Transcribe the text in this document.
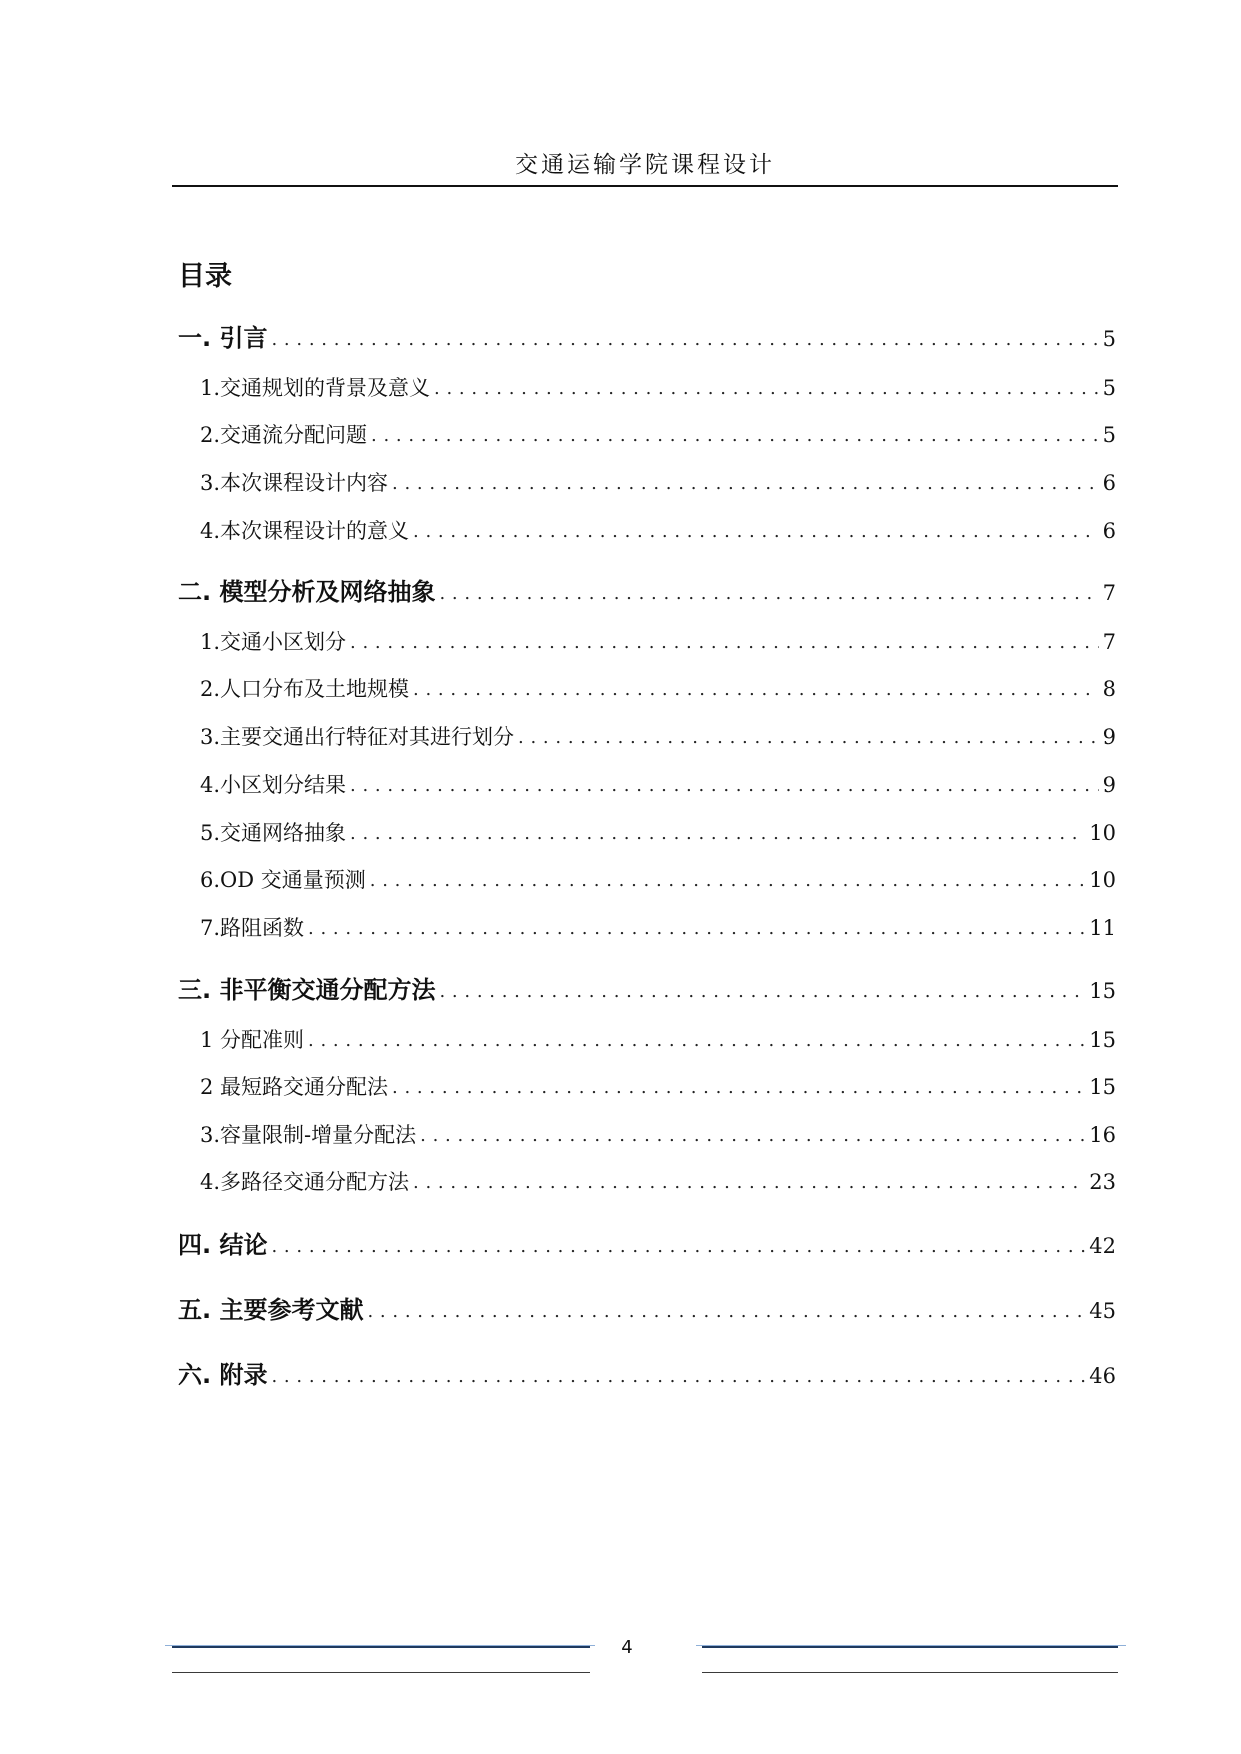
交通运输学院课程设计
目录
一. 引言 . . .	5
1.交通规划的背景及意义 . . .	5
2.交通流分配问题 . . .	5
3.本次课程设计内容 . . .	6
4.本次课程设计的意义 . . .	6
二. 模型分析及网络抽象 . . .	7
1.交通小区划分 . . .	7
2.人口分布及土地规模 . . .	8
3.主要交通出行特征对其进行划分 . . .	9
4.小区划分结果 . . .	9
5.交通网络抽象 . . .	10
6.OD 交通量预测 . . .	10
7.路阻函数 . . .	11
三. 非平衡交通分配方法 . . .	15
1 分配准则 . . .	15
2 最短路交通分配法 . . .	15
3.容量限制-增量分配法 . . .	16
4.多路径交通分配方法 . . .	23
四. 结论 . . .	42
五. 主要参考文献 . . .	45
六. 附录 . . .	46
4
